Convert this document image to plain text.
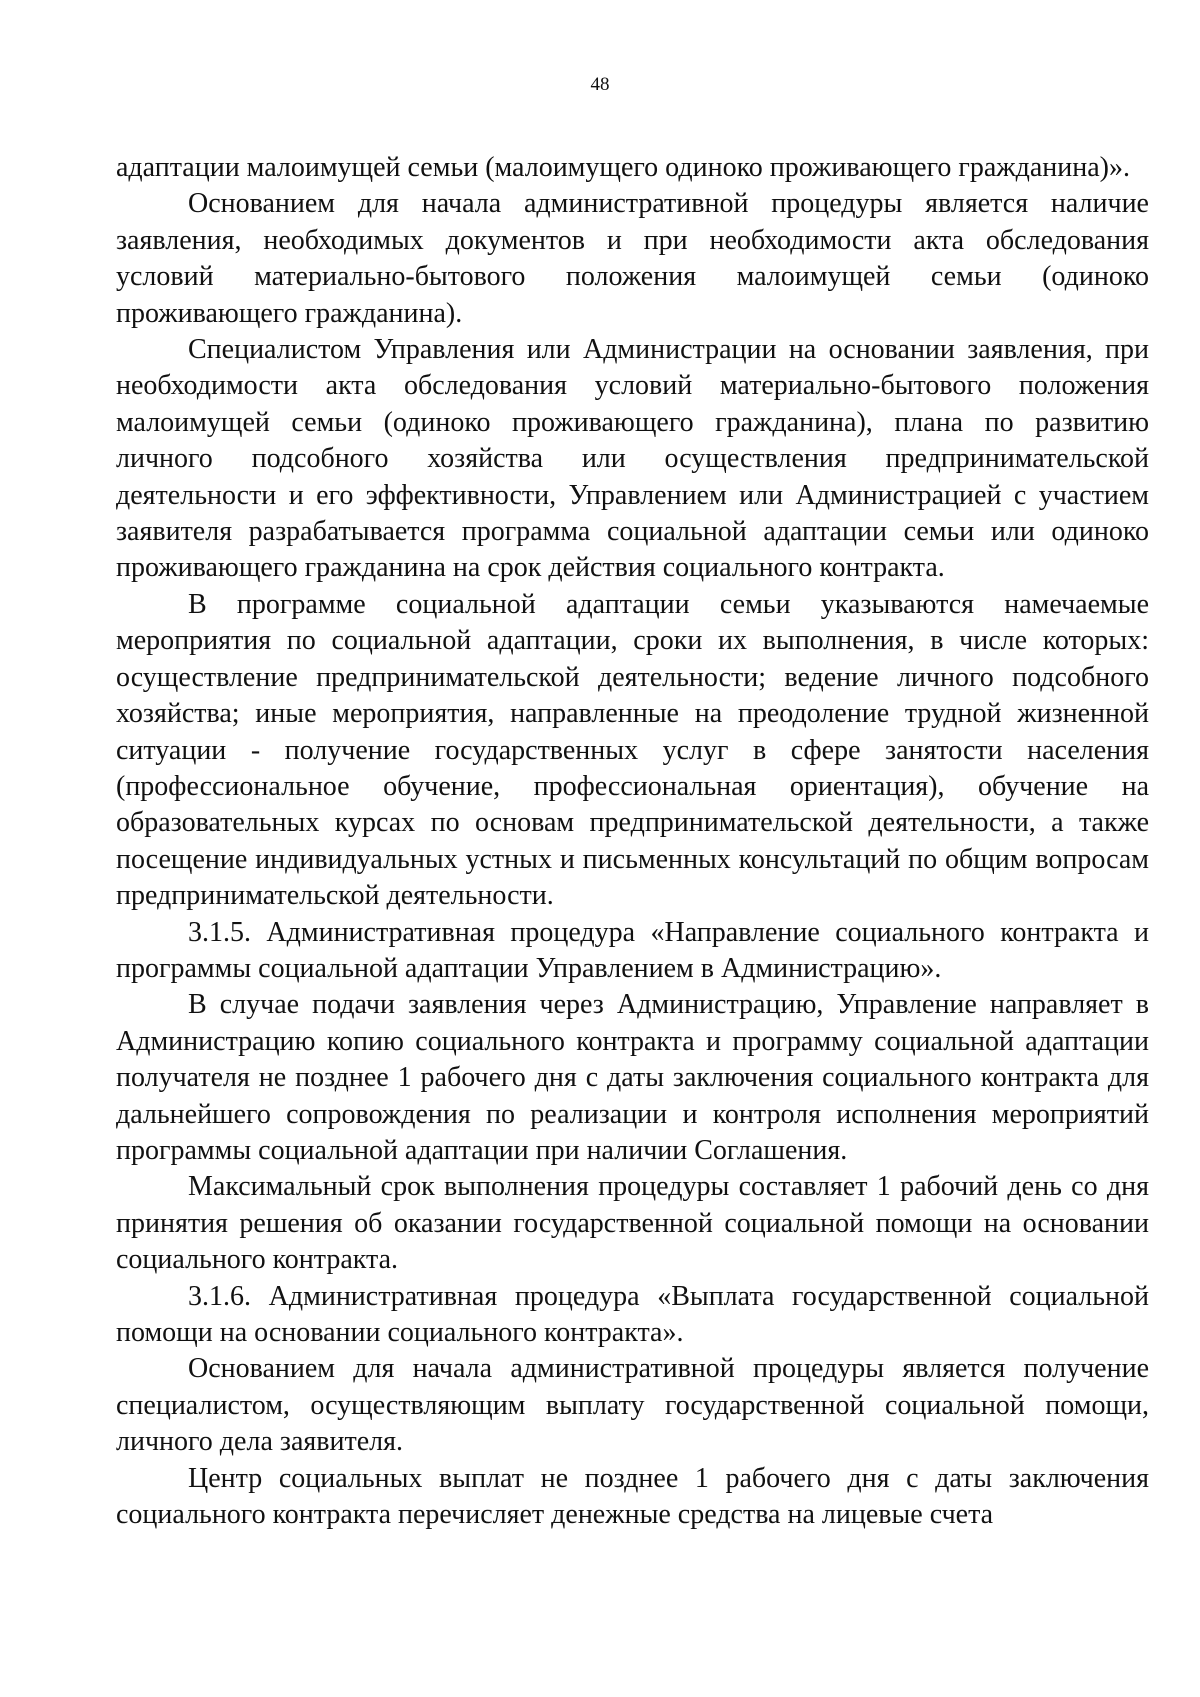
48

адаптации малоимущей семьи (малоимущего одиноко проживающего гражданина)».

Основанием для начала административной процедуры является наличие заявления, необходимых документов и при необходимости акта обследования условий материально-бытового положения малоимущей семьи (одиноко проживающего гражданина).

Специалистом Управления или Администрации на основании заявления, при необходимости акта обследования условий материально-бытового положения малоимущей семьи (одиноко проживающего гражданина), плана по развитию личного подсобного хозяйства или осуществления предпринимательской деятельности и его эффективности, Управлением или Администрацией с участием заявителя разрабатывается программа социальной адаптации семьи или одиноко проживающего гражданина на срок действия социального контракта.

В программе социальной адаптации семьи указываются намечаемые мероприятия по социальной адаптации, сроки их выполнения, в числе которых: осуществление предпринимательской деятельности; ведение личного подсобного хозяйства; иные мероприятия, направленные на преодоление трудной жизненной ситуации - получение государственных услуг в сфере занятости населения (профессиональное обучение, профессиональная ориентация), обучение на образовательных курсах по основам предпринимательской деятельности, а также посещение индивидуальных устных и письменных консультаций по общим вопросам предпринимательской деятельности.

3.1.5. Административная процедура «Направление социального контракта и программы социальной адаптации Управлением в Администрацию».

В случае подачи заявления через Администрацию, Управление направляет в Администрацию копию социального контракта и программу социальной адаптации получателя не позднее 1 рабочего дня с даты заключения социального контракта для дальнейшего сопровождения по реализации и контроля исполнения мероприятий программы социальной адаптации при наличии Соглашения.

Максимальный срок выполнения процедуры составляет 1 рабочий день со дня принятия решения об оказании государственной социальной помощи на основании социального контракта.

3.1.6. Административная процедура «Выплата государственной социальной помощи на основании социального контракта».

Основанием для начала административной процедуры является получение специалистом, осуществляющим выплату государственной социальной помощи, личного дела заявителя.

Центр социальных выплат не позднее 1 рабочего дня с даты заключения социального контракта перечисляет денежные средства на лицевые счета
